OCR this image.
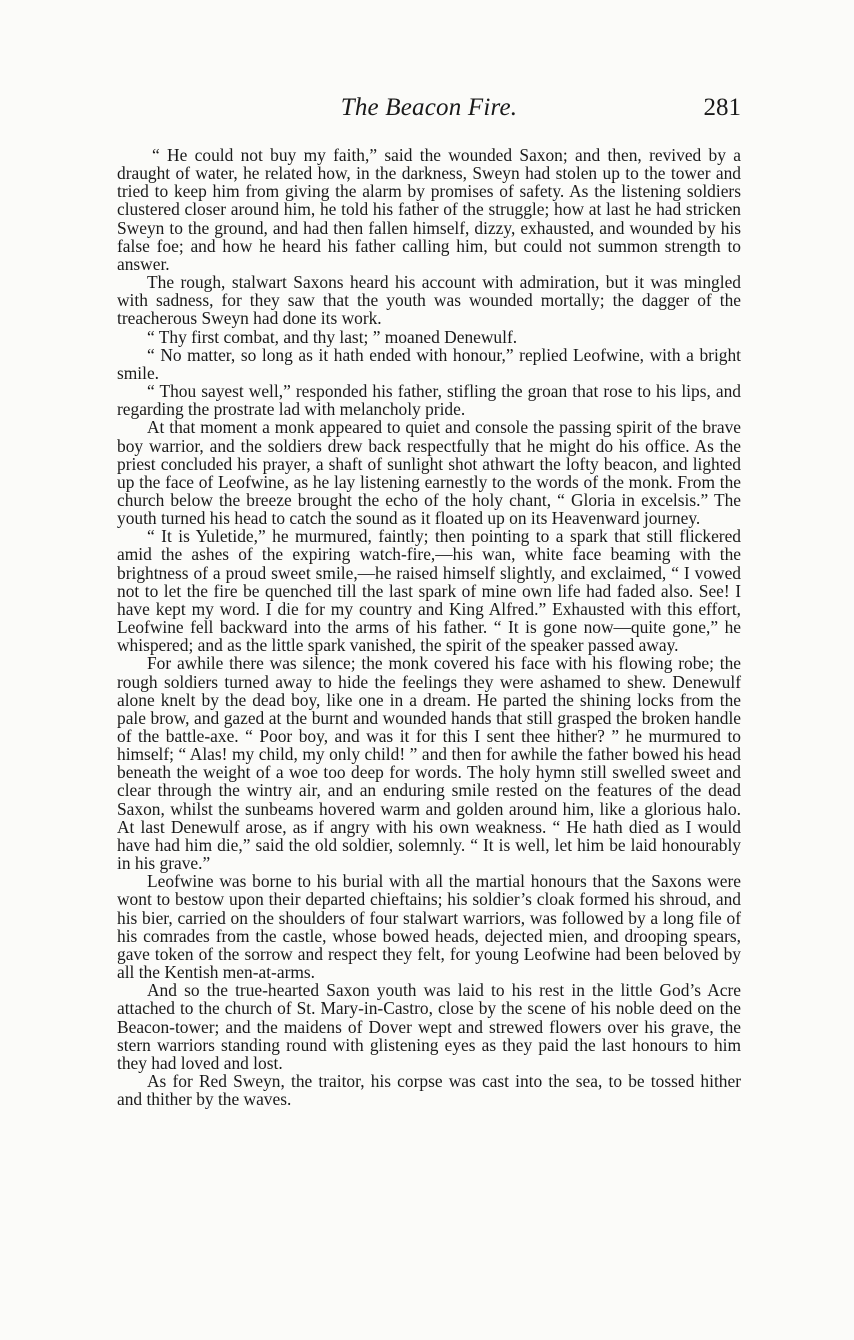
The Beacon Fire.	281

“ He could not buy my faith,” said the wounded Saxon; and then, revived by a draught of water, he related how, in the darkness, Sweyn had stolen up to the tower and tried to keep him from giving the alarm by promises of safety. As the listening soldiers clustered closer around him, he told his father of the struggle; how at last he had stricken Sweyn to the ground, and had then fallen himself, dizzy, exhausted, and wounded by his false foe; and how he heard his father calling him, but could not summon strength to answer.

The rough, stalwart Saxons heard his account with admiration, but it was mingled with sadness, for they saw that the youth was wounded mortally; the dagger of the treacherous Sweyn had done its work.

“ Thy first combat, and thy last; ” moaned Denewulf.

“ No matter, so long as it hath ended with honour,” replied Leofwine, with a bright smile.

“ Thou sayest well,” responded his father, stifling the groan that rose to his lips, and regarding the prostrate lad with melancholy pride.

At that moment a monk appeared to quiet and console the passing spirit of the brave boy warrior, and the soldiers drew back respectfully that he might do his office. As the priest concluded his prayer, a shaft of sunlight shot athwart the lofty beacon, and lighted up the face of Leofwine, as he lay listening earnestly to the words of the monk. From the church below the breeze brought the echo of the holy chant, “ Gloria in excelsis.” The youth turned his head to catch the sound as it floated up on its Heavenward journey.

“ It is Yuletide,” he murmured, faintly; then pointing to a spark that still flickered amid the ashes of the expiring watch-fire,—his wan, white face beaming with the brightness of a proud sweet smile,—he raised himself slightly, and exclaimed, “ I vowed not to let the fire be quenched till the last spark of mine own life had faded also. See! I have kept my word. I die for my country and King Alfred.” Exhausted with this effort, Leofwine fell backward into the arms of his father. “ It is gone now—quite gone,” he whispered; and as the little spark vanished, the spirit of the speaker passed away.

For awhile there was silence; the monk covered his face with his flowing robe; the rough soldiers turned away to hide the feelings they were ashamed to shew. Denewulf alone knelt by the dead boy, like one in a dream. He parted the shining locks from the pale brow, and gazed at the burnt and wounded hands that still grasped the broken handle of the battle-axe. “ Poor boy, and was it for this I sent thee hither? ” he murmured to himself; “ Alas! my child, my only child! ” and then for awhile the father bowed his head beneath the weight of a woe too deep for words. The holy hymn still swelled sweet and clear through the wintry air, and an enduring smile rested on the features of the dead Saxon, whilst the sunbeams hovered warm and golden around him, like a glorious halo. At last Denewulf arose, as if angry with his own weakness. “ He hath died as I would have had him die,” said the old soldier, solemnly. “ It is well, let him be laid honourably in his grave.”

Leofwine was borne to his burial with all the martial honours that the Saxons were wont to bestow upon their departed chieftains; his soldier’s cloak formed his shroud, and his bier, carried on the shoulders of four stalwart warriors, was followed by a long file of his comrades from the castle, whose bowed heads, dejected mien, and drooping spears, gave token of the sorrow and respect they felt, for young Leofwine had been beloved by all the Kentish men-at-arms.

And so the true-hearted Saxon youth was laid to his rest in the little God’s Acre attached to the church of St. Mary-in-Castro, close by the scene of his noble deed on the Beacon-tower; and the maidens of Dover wept and strewed flowers over his grave, the stern warriors standing round with glistening eyes as they paid the last honours to him they had loved and lost.

As for Red Sweyn, the traitor, his corpse was cast into the sea, to be tossed hither and thither by the waves.
